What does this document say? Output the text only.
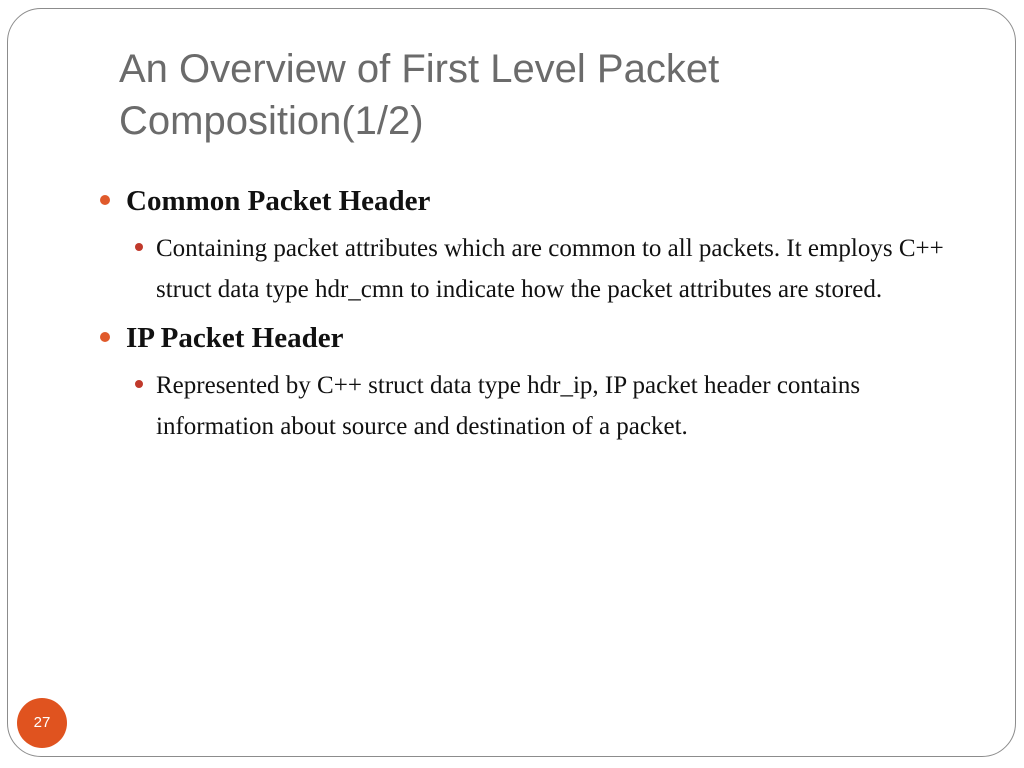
An Overview of First Level Packet
Composition(1/2)
Common Packet Header
Containing packet attributes which are common to all packets. It employs C++ struct data type hdr_cmn to indicate how the packet attributes are stored.
IP Packet Header
Represented by C++ struct data type hdr_ip, IP packet header contains information about source and destination of a packet.
27
